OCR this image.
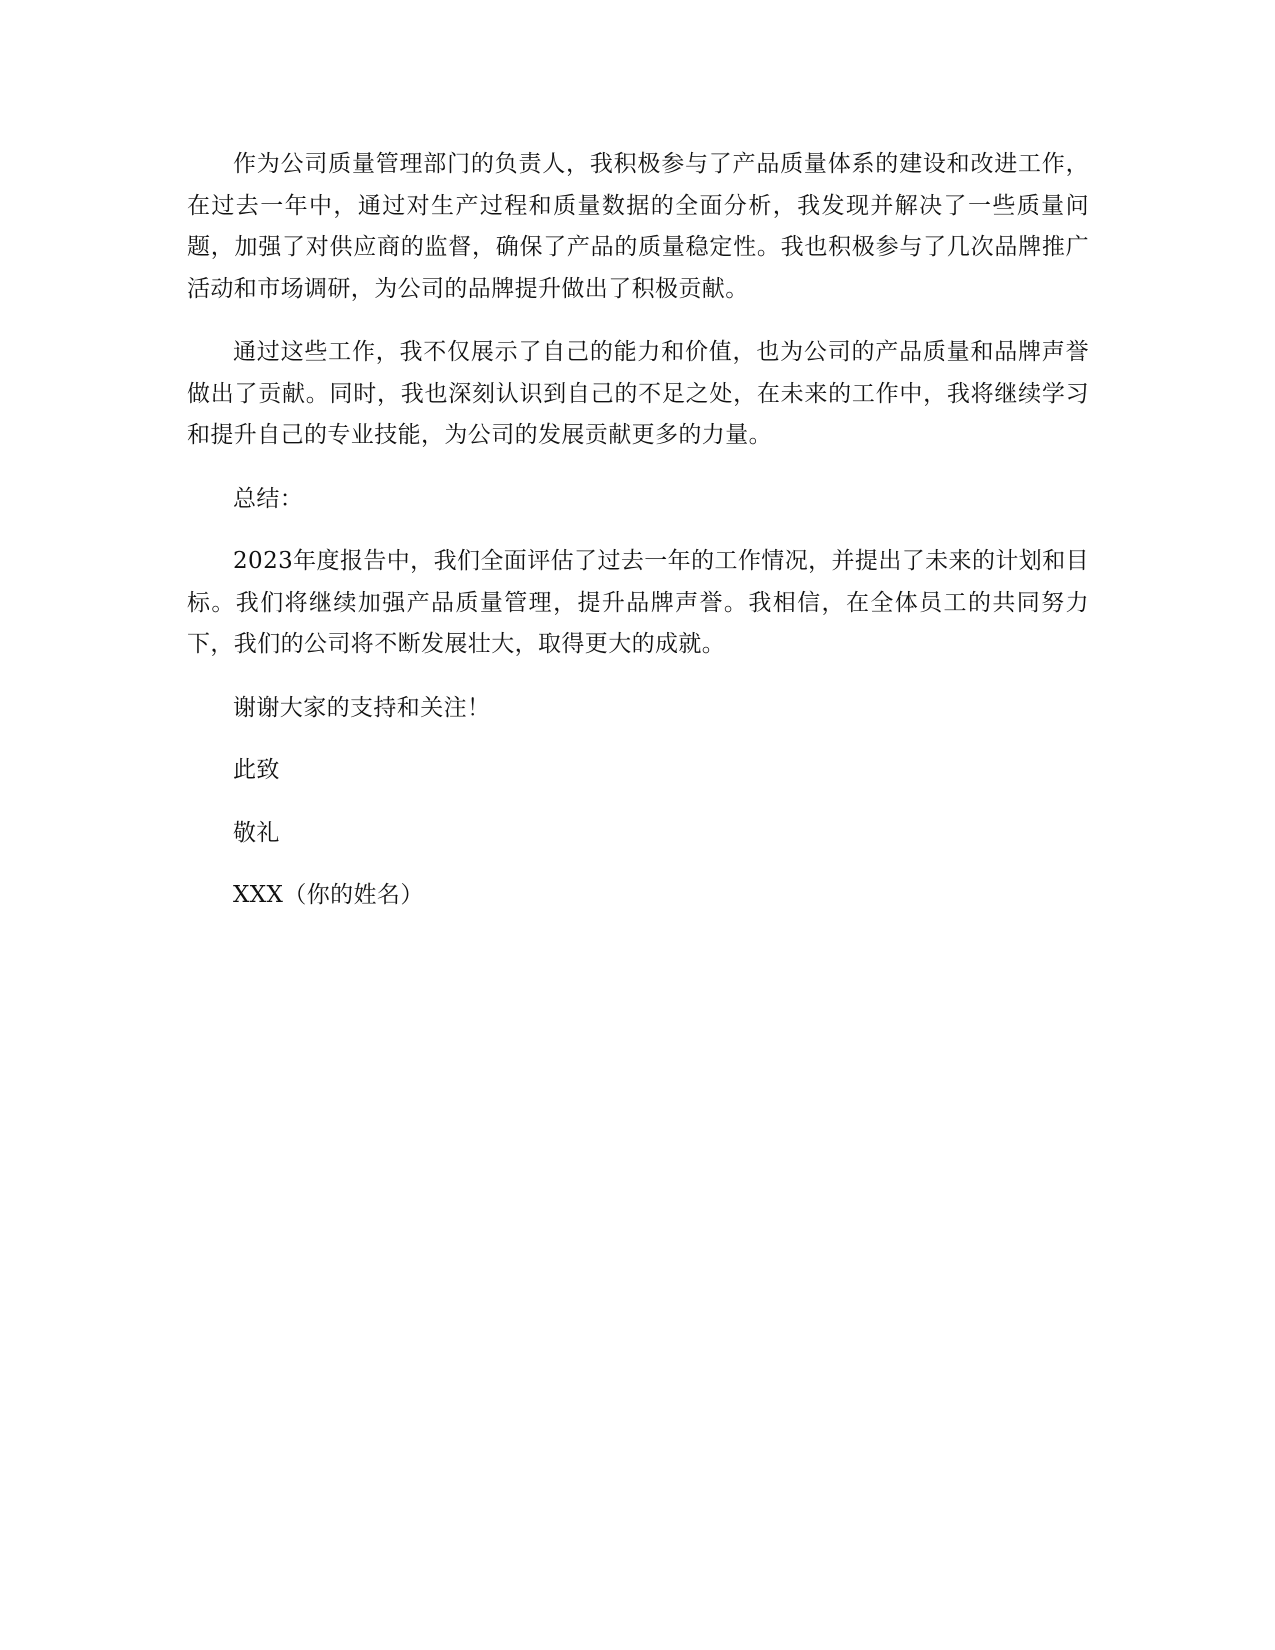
作为公司质量管理部门的负责人，我积极参与了产品质量体系的建设和改进工作，在过去一年中，通过对生产过程和质量数据的全面分析，我发现并解决了一些质量问题，加强了对供应商的监督，确保了产品的质量稳定性。我也积极参与了几次品牌推广活动和市场调研，为公司的品牌提升做出了积极贡献。

通过这些工作，我不仅展示了自己的能力和价值，也为公司的产品质量和品牌声誉做出了贡献。同时，我也深刻认识到自己的不足之处，在未来的工作中，我将继续学习和提升自己的专业技能，为公司的发展贡献更多的力量。

总结：

2023年度报告中，我们全面评估了过去一年的工作情况，并提出了未来的计划和目标。我们将继续加强产品质量管理，提升品牌声誉。我相信，在全体员工的共同努力下，我们的公司将不断发展壮大，取得更大的成就。

谢谢大家的支持和关注！

此致

敬礼

XXX（你的姓名）
